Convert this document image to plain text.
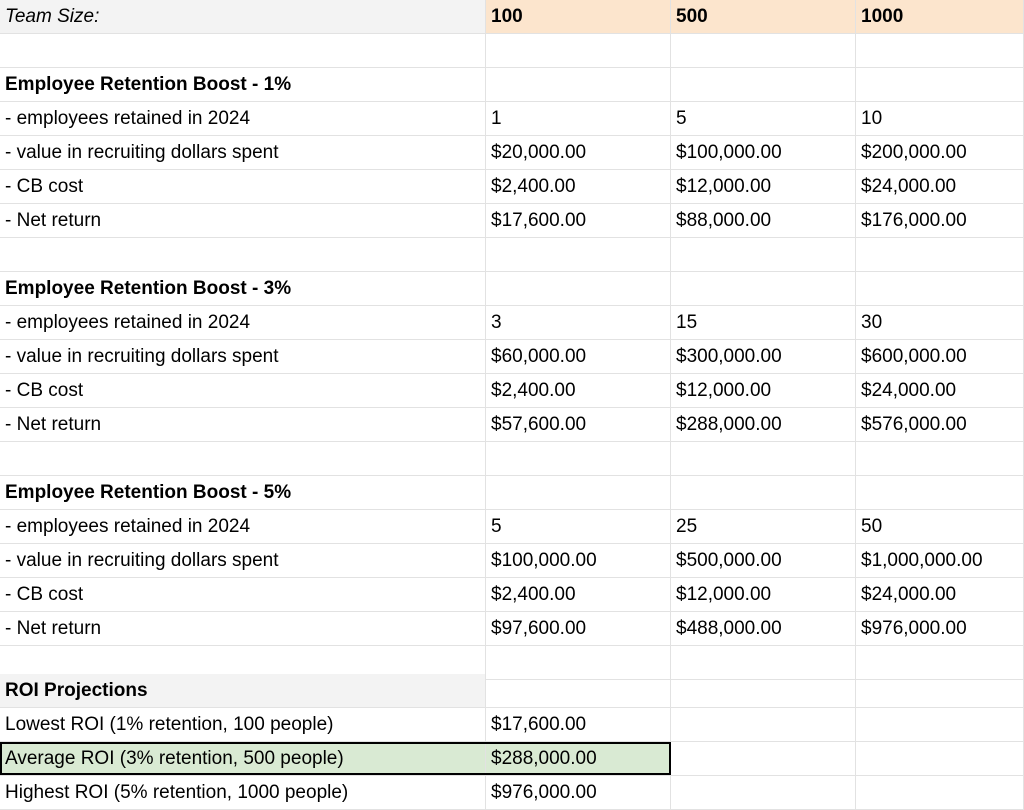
Team Size:	100	500	1000
Employee Retention Boost - 1%
- employees retained in 2024	1	5	10
- value in recruiting dollars spent	$20,000.00	$100,000.00	$200,000.00
- CB cost	$2,400.00	$12,000.00	$24,000.00
- Net return	$17,600.00	$88,000.00	$176,000.00
Employee Retention Boost - 3%
- employees retained in 2024	3	15	30
- value in recruiting dollars spent	$60,000.00	$300,000.00	$600,000.00
- CB cost	$2,400.00	$12,000.00	$24,000.00
- Net return	$57,600.00	$288,000.00	$576,000.00
Employee Retention Boost - 5%
- employees retained in 2024	5	25	50
- value in recruiting dollars spent	$100,000.00	$500,000.00	$1,000,000.00
- CB cost	$2,400.00	$12,000.00	$24,000.00
- Net return	$97,600.00	$488,000.00	$976,000.00
ROI Projections
Lowest ROI (1% retention, 100 people)	$17,600.00
Average ROI (3% retention, 500 people)	$288,000.00
Highest ROI (5% retention, 1000 people)	$976,000.00
